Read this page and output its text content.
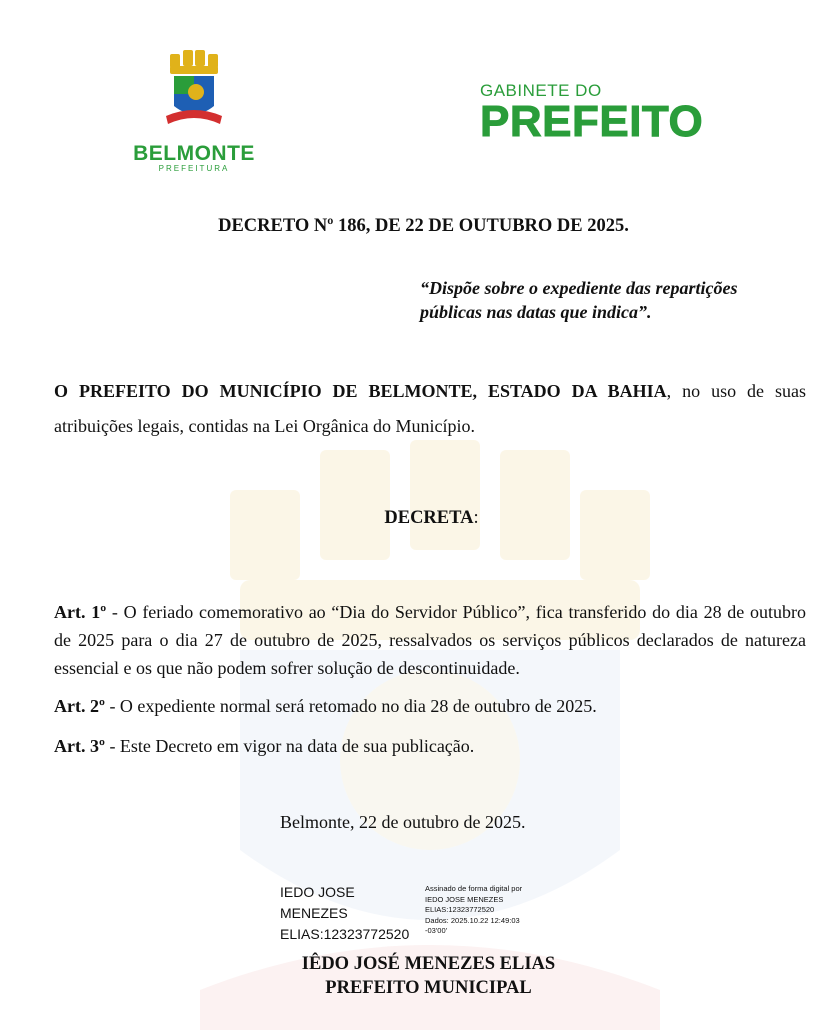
BELMONTE
PREFEITURA
GABINETE DO
PREFEITO
DECRETO Nº 186, DE 22 DE OUTUBRO DE 2025.
“Dispõe sobre o expediente das repartições públicas nas datas que indica”.
O PREFEITO DO MUNICÍPIO DE BELMONTE, ESTADO DA BAHIA, no uso de suas atribuições legais, contidas na Lei Orgânica do Município.
DECRETA:
Art. 1º - O feriado comemorativo ao “Dia do Servidor Público”, fica transferido do dia 28 de outubro de 2025 para o dia 27 de outubro de 2025, ressalvados os serviços públicos declarados de natureza essencial e os que não podem sofrer solução de descontinuidade.
Art. 2º - O expediente normal será retomado no dia 28 de outubro de 2025.
Art. 3º - Este Decreto em vigor na data de sua publicação.
Belmonte, 22 de outubro de 2025.
IEDO JOSE
MENEZES
ELIAS:12323772520
Assinado de forma digital por
IEDO JOSE MENEZES
ELIAS:12323772520
Dados: 2025.10.22 12:49:03
-03'00'
IÊDO JOSÉ MENEZES ELIAS
PREFEITO MUNICIPAL
